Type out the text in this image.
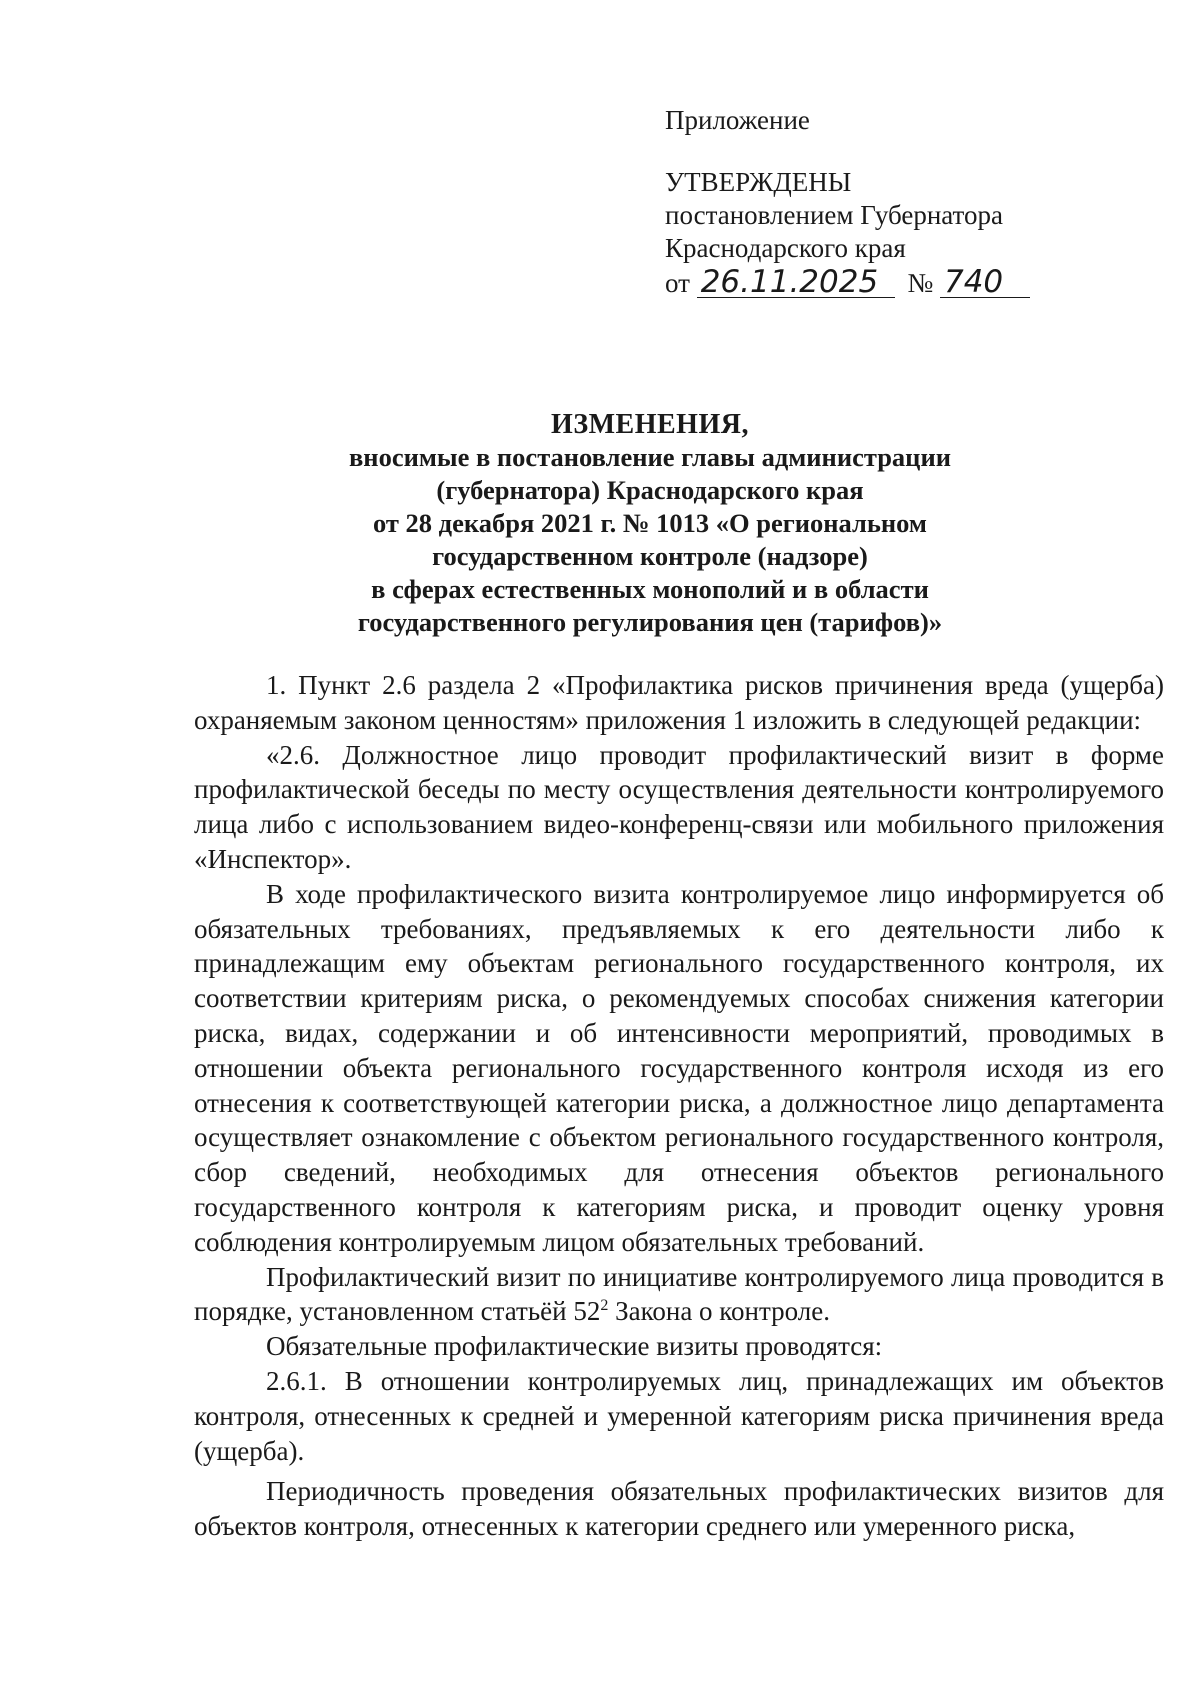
Приложение
УТВЕРЖДЕНЫ
постановлением Губернатора
Краснодарского края
от 26.11.2025 № 740
ИЗМЕНЕНИЯ,
вносимые в постановление главы администрации
(губернатора) Краснодарского края
от 28 декабря 2021 г. № 1013 «О региональном
государственном контроле (надзоре)
в сферах естественных монополий и в области
государственного регулирования цен (тарифов)»

1. Пункт 2.6 раздела 2 «Профилактика рисков причинения вреда (ущерба) охраняемым законом ценностям» приложения 1 изложить в следующей редакции:

«2.6. Должностное лицо проводит профилактический визит в форме профилактической беседы по месту осуществления деятельности контролируемого лица либо с использованием видео-конференц-связи или мобильного приложения «Инспектор».

В ходе профилактического визита контролируемое лицо информируется об обязательных требованиях, предъявляемых к его деятельности либо к принадлежащим ему объектам регионального государственного контроля, их соответствии критериям риска, о рекомендуемых способах снижения категории риска, видах, содержании и об интенсивности мероприятий, проводимых в отношении объекта регионального государственного контроля исходя из его отнесения к соответствующей категории риска, а должностное лицо департамента осуществляет ознакомление с объектом регионального государственного контроля, сбор сведений, необходимых для отнесения объектов регионального государственного контроля к категориям риска, и проводит оценку уровня соблюдения контролируемым лицом обязательных требований.

Профилактический визит по инициативе контролируемого лица проводится в порядке, установленном статьёй $52^2$ Закона о контроле.

Обязательные профилактические визиты проводятся:

2.6.1. В отношении контролируемых лиц, принадлежащих им объектов контроля, отнесенных к средней и умеренной категориям риска причинения вреда (ущерба).

Периодичность проведения обязательных профилактических визитов для объектов контроля, отнесенных к категории среднего или умеренного риска,
